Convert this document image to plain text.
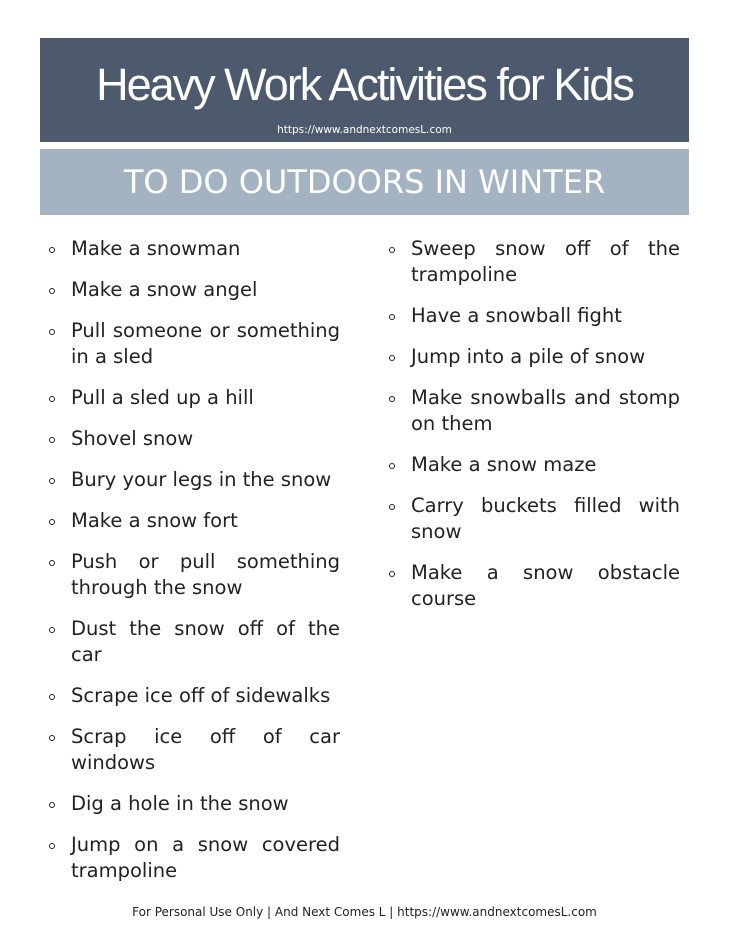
Heavy Work Activities for Kids
https://www.andnextcomesL.com
TO DO OUTDOORS IN WINTER
Make a snowman
Make a snow angel
Pull someone or something in a sled
Pull a sled up a hill
Shovel snow
Bury your legs in the snow
Make a snow fort
Push or pull something through the snow
Dust the snow off of the car
Scrape ice off of sidewalks
Scrap ice off of car windows
Dig a hole in the snow
Jump on a snow covered trampoline
Sweep snow off of the trampoline
Have a snowball fight
Jump into a pile of snow
Make snowballs and stomp on them
Make a snow maze
Carry buckets filled with snow
Make a snow obstacle course
For Personal Use Only | And Next Comes L | https://www.andnextcomesL.com
